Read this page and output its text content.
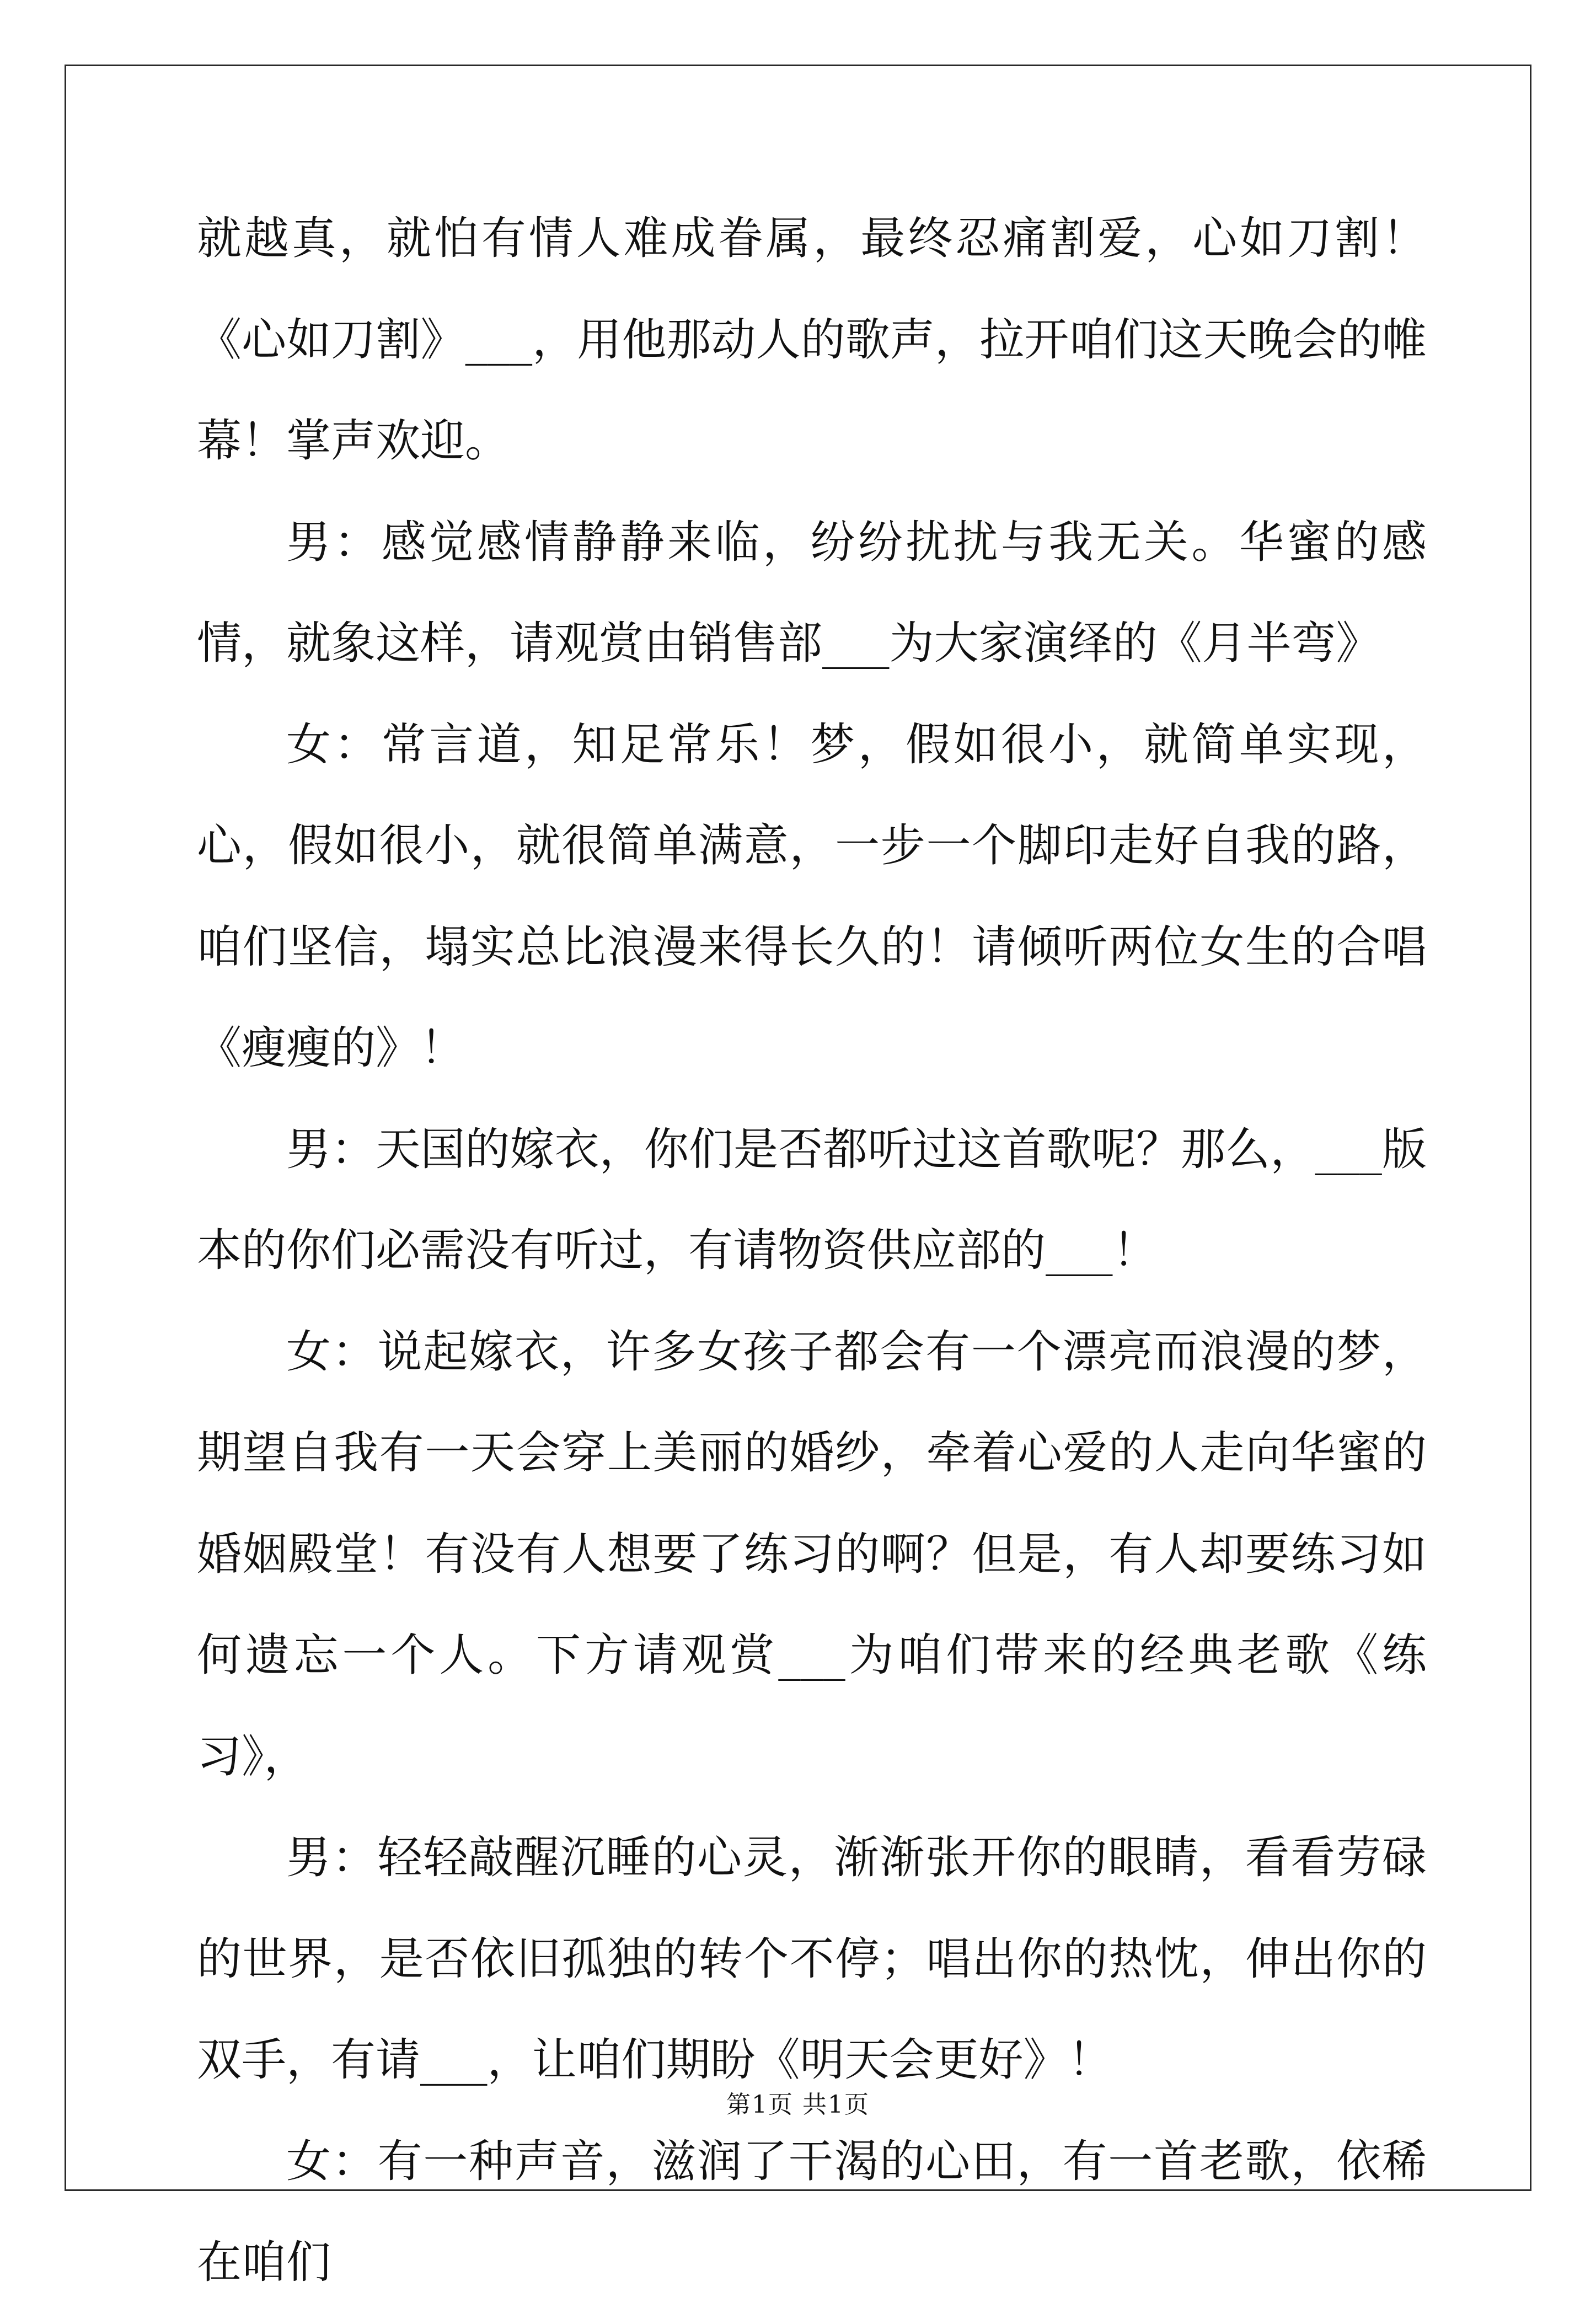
就越真，就怕有情人难成眷属，最终忍痛割爱，心如刀割！《心如刀割》___，用他那动人的歌声，拉开咱们这天晚会的帷幕！掌声欢迎。

男：感觉感情静静来临，纷纷扰扰与我无关。华蜜的感情，就象这样，请观赏由销售部___为大家演绎的《月半弯》

女：常言道，知足常乐！梦，假如很小，就简单实现，心，假如很小，就很简单满意，一步一个脚印走好自我的路，咱们坚信，塌实总比浪漫来得长久的！请倾听两位女生的合唱《瘦瘦的》！

男：天国的嫁衣，你们是否都听过这首歌呢？那么，___版本的你们必需没有听过，有请物资供应部的___！

女：说起嫁衣，许多女孩子都会有一个漂亮而浪漫的梦，期望自我有一天会穿上美丽的婚纱，牵着心爱的人走向华蜜的婚姻殿堂！有没有人想要了练习的啊？但是，有人却要练习如何遗忘一个人。下方请观赏___为咱们带来的经典老歌《练习》，

男：轻轻敲醒沉睡的心灵，渐渐张开你的眼睛，看看劳碌的世界，是否依旧孤独的转个不停；唱出你的热忱，伸出你的双手，有请___，让咱们期盼《明天会更好》！

女：有一种声音，滋润了干渴的心田，有一首老歌，依稀在咱们

第1页 共1页
